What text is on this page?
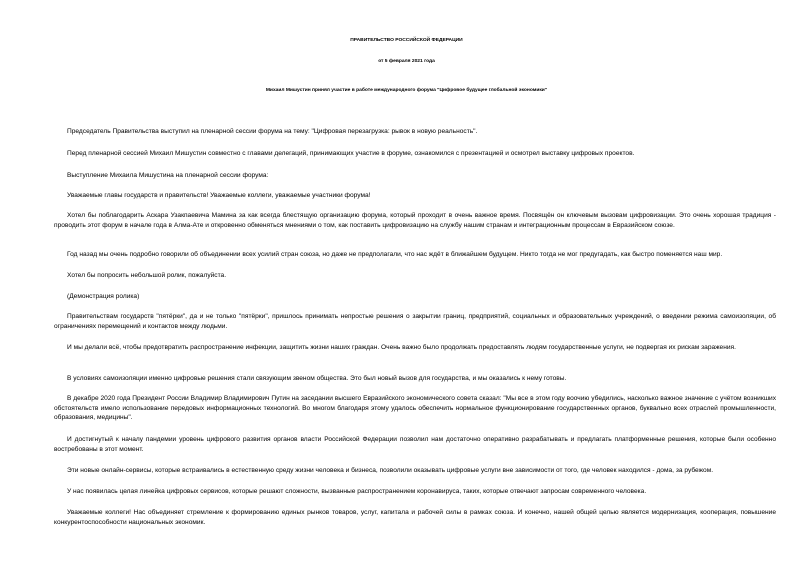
ПРАВИТЕЛЬСТВО РОССИЙСКОЙ ФЕДЕРАЦИИ
от 5 февраля 2021 года
Михаил Мишустин принял участие в работе международного форума "Цифровое будущее глобальной экономики"

Председатель Правительства выступил на пленарной сессии форума на тему: "Цифровая перезагрузка: рывок в новую реальность".

Перед пленарной сессией Михаил Мишустин совместно с главами делегаций, принимающих участие в форуме, ознакомился с презентацией и осмотрел выставку цифровых проектов.

Выступление Михаила Мишустина на пленарной сессии форума:

Уважаемые главы государств и правительств! Уважаемые коллеги, уважаемые участники форума!

Хотел бы поблагодарить Аскара Узакпаевича Мамина за как всегда блестящую организацию форума, который проходит в очень важное время. Посвящён он ключевым вызовам цифровизации. Это очень хорошая традиция - проводить этот форум в начале года в Алма-Ате и откровенно обменяться мнениями о том, как поставить цифровизацию на службу нашим странам и интеграционным процессам в Евразийском союзе.

Год назад мы очень подробно говорили об объединении всех усилий стран союза, но даже не предполагали, что нас ждёт в ближайшем будущем. Никто тогда не мог предугадать, как быстро поменяется наш мир.

Хотел бы попросить небольшой ролик, пожалуйста.

(Демонстрация ролика)

Правительствам государств "пятёрки", да и не только "пятёрки", пришлось принимать непростые решения о закрытии границ, предприятий, социальных и образовательных учреждений, о введении режима самоизоляции, об ограничениях перемещений и контактов между людьми.

И мы делали всё, чтобы предотвратить распространение инфекции, защитить жизни наших граждан. Очень важно было продолжать предоставлять людям государственные услуги, не подвергая их рискам заражения.

В условиях самоизоляции именно цифровые решения стали связующим звеном общества. Это был новый вызов для государства, и мы оказались к нему готовы.

В декабре 2020 года Президент России Владимир Владимирович Путин на заседании высшего Евразийского экономического совета сказал: "Мы все в этом году воочию убедились, насколько важное значение с учётом возникших обстоятельств имело использование передовых информационных технологий. Во многом благодаря этому удалось обеспечить нормальное функционирование государственных органов, буквально всех отраслей промышленности, образования, медицины".

И достигнутый к началу пандемии уровень цифрового развития органов власти Российской Федерации позволил нам достаточно оперативно разрабатывать и предлагать платформенные решения, которые были особенно востребованы в этот момент.

Эти новые онлайн-сервисы, которые встраивались в естественную среду жизни человека и бизнеса, позволили оказывать цифровые услуги вне зависимости от того, где человек находился - дома, за рубежом.

У нас появилась целая линейка цифровых сервисов, которые решают сложности, вызванные распространением коронавируса, таких, которые отвечают запросам современного человека.

Уважаемые коллеги! Нас объединяет стремление к формированию единых рынков товаров, услуг, капитала и рабочей силы в рамках союза. И конечно, нашей общей целью является модернизация, кооперация, повышение конкурентоспособности национальных экономик.
